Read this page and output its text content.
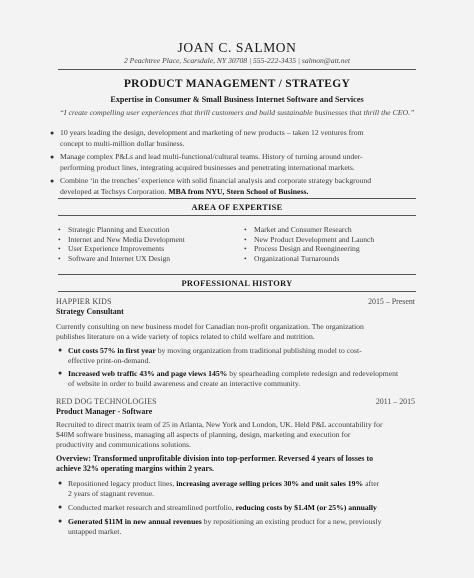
JOAN C. SALMON
2 Peachtree Place, Scarsdale, NY 30708 | 555-222-3435 | salmon@att.net
PRODUCT MANAGEMENT / STRATEGY
Expertise in Consumer & Small Business Internet Software and Services
“I create compelling user experiences that thrill customers and build sustainable businesses that thrill the CEO.”
● 10 years leading the design, development and marketing of new products – taken 12 ventures from
concept to multi-million dollar business.
● Manage complex P&Ls and lead multi-functional/cultural teams. History of turning around under-
performing product lines, integrating acquired businesses and penetrating international markets.
● Combine ‘in the trenches’ experience with solid financial analysis and corporate strategy background
developed at Techsys Corporation. MBA from NYU, Stern School of Business.
AREA OF EXPERTISE
• Strategic Planning and Execution
• Internet and New Media Development
• User Experience Improvements
• Software and Internet UX Design
• Market and Consumer Research
• New Product Development and Launch
• Process Design and Reengineering
• Organizational Turnarounds
PROFESSIONAL HISTORY
HAPPIER KIDS	2015 – Present
Strategy Consultant
Currently consulting on new business model for Canadian non-profit organization. The organization
publishes literature on a wide variety of topics related to child welfare and nutrition.
● Cut costs 57% in first year by moving organization from traditional publishing model to cost-
effective print-on-demand.
● Increased web traffic 43% and page views 145% by spearheading complete redesign and redevelopment
of website in order to build awareness and create an interactive community.
RED DOG TECHNOLOGIES	2011 – 2015
Product Manager - Software
Recruited to direct matrix team of 25 in Atlanta, New York and London, UK. Held P&L accountability for
$40M software business, managing all aspects of planning, design, marketing and execution for
productivity and communications solutions.
Overview: Transformed unprofitable division into top-performer. Reversed 4 years of losses to
achieve 32% operating margins within 2 years.
● Repositioned legacy product lines, increasing average selling prices 30% and unit sales 19% after
2 years of stagnant revenue.
● Conducted market research and streamlined portfolio, reducing costs by $1.4M (or 25%) annually
● Generated $11M in new annual revenues by repositioning an existing product for a new, previously
untapped market.
